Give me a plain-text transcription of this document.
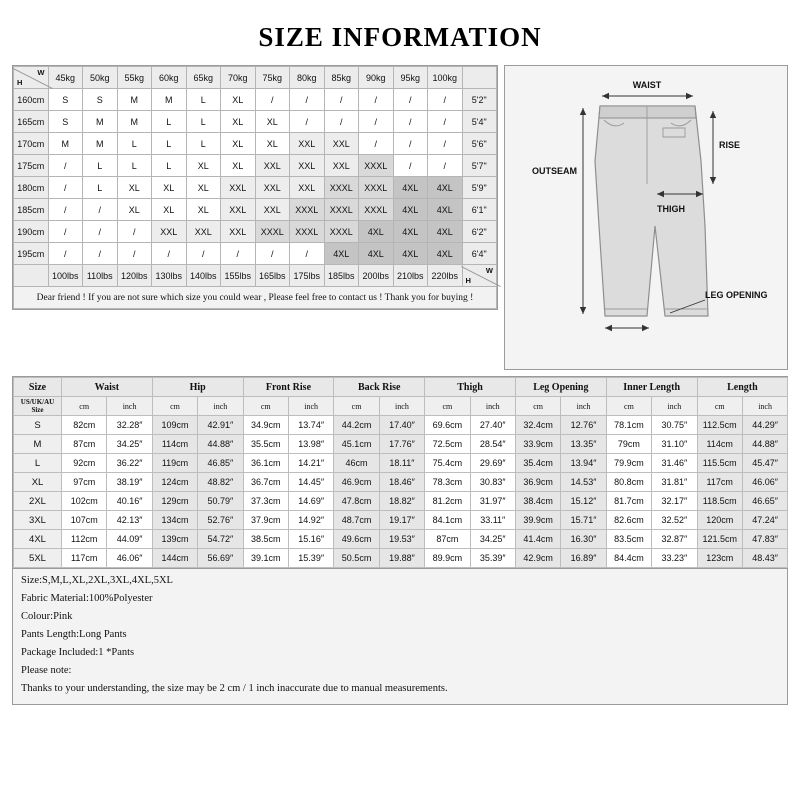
SIZE INFORMATION
W
H	45kg	50kg	55kg	60kg	65kg	70kg	75kg	80kg	85kg	90kg	95kg	100kg	
160cm	S	S	M	M	L	XL	/	/	/	/	/	/	5'2"
165cm	S	M	M	L	L	XL	XL	/	/	/	/	/	5'4"
170cm	M	M	L	L	L	XL	XL	XXL	XXL	/	/	/	5'6"
175cm	/	L	L	L	XL	XL	XXL	XXL	XXL	XXXL	/	/	5'7"
180cm	/	L	XL	XL	XL	XXL	XXL	XXL	XXXL	XXXL	4XL	4XL	5'9"
185cm	/	/	XL	XL	XL	XXL	XXL	XXXL	XXXL	XXXL	4XL	4XL	6'1"
190cm	/	/	/	XXL	XXL	XXL	XXXL	XXXL	XXXL	4XL	4XL	4XL	6'2"
195cm	/	/	/	/	/	/	/	/	4XL	4XL	4XL	4XL	6'4"
	100lbs	110lbs	120lbs	130lbs	140lbs	155lbs	165lbs	175lbs	185lbs	200lbs	210lbs	220lbs	W
H

Dear friend ! If you are not sure which size you could wear , Please feel free to contact us ! Thank you for buying !													
WAIST
RISE
OUTSEAM
THIGH
LEG OPENING
Size	Waist		Hip		Front Rise		Back Rise		Thigh		Leg Opening		Inner Length		Length	

US/UK/AU
Size	cm	inch	cm	inch	cm	inch	cm	inch	cm	inch	cm	inch	cm	inch	cm	inch
S	82cm	32.28″	109cm	42.91″	34.9cm	13.74″	44.2cm	17.40″	69.6cm	27.40″	32.4cm	12.76″	78.1cm	30.75″	112.5cm	44.29″
M	87cm	34.25″	114cm	44.88″	35.5cm	13.98″	45.1cm	17.76″	72.5cm	28.54″	33.9cm	13.35″	79cm	31.10″	114cm	44.88″
L	92cm	36.22″	119cm	46.85″	36.1cm	14.21″	46cm	18.11″	75.4cm	29.69″	35.4cm	13.94″	79.9cm	31.46″	115.5cm	45.47″
XL	97cm	38.19″	124cm	48.82″	36.7cm	14.45″	46.9cm	18.46″	78.3cm	30.83″	36.9cm	14.53″	80.8cm	31.81″	117cm	46.06″
2XL	102cm	40.16″	129cm	50.79″	37.3cm	14.69″	47.8cm	18.82″	81.2cm	31.97″	38.4cm	15.12″	81.7cm	32.17″	118.5cm	46.65″
3XL	107cm	42.13″	134cm	52.76″	37.9cm	14.92″	48.7cm	19.17″	84.1cm	33.11″	39.9cm	15.71″	82.6cm	32.52″	120cm	47.24″
4XL	112cm	44.09″	139cm	54.72″	38.5cm	15.16″	49.6cm	19.53″	87cm	34.25″	41.4cm	16.30″	83.5cm	32.87″	121.5cm	47.83″
5XL	117cm	46.06″	144cm	56.69″	39.1cm	15.39″	50.5cm	19.88″	89.9cm	35.39″	42.9cm	16.89″	84.4cm	33.23″	123cm	48.43″

Size:S,M,L,XL,2XL,3XL,4XL,5XL

Fabric Material:100%Polyester

Colour:Pink

Pants Length:Long Pants

Package Included:1 *Pants

Please note:

Thanks to your understanding, the size may be 2 cm / 1 inch inaccurate due to manual measurements.
